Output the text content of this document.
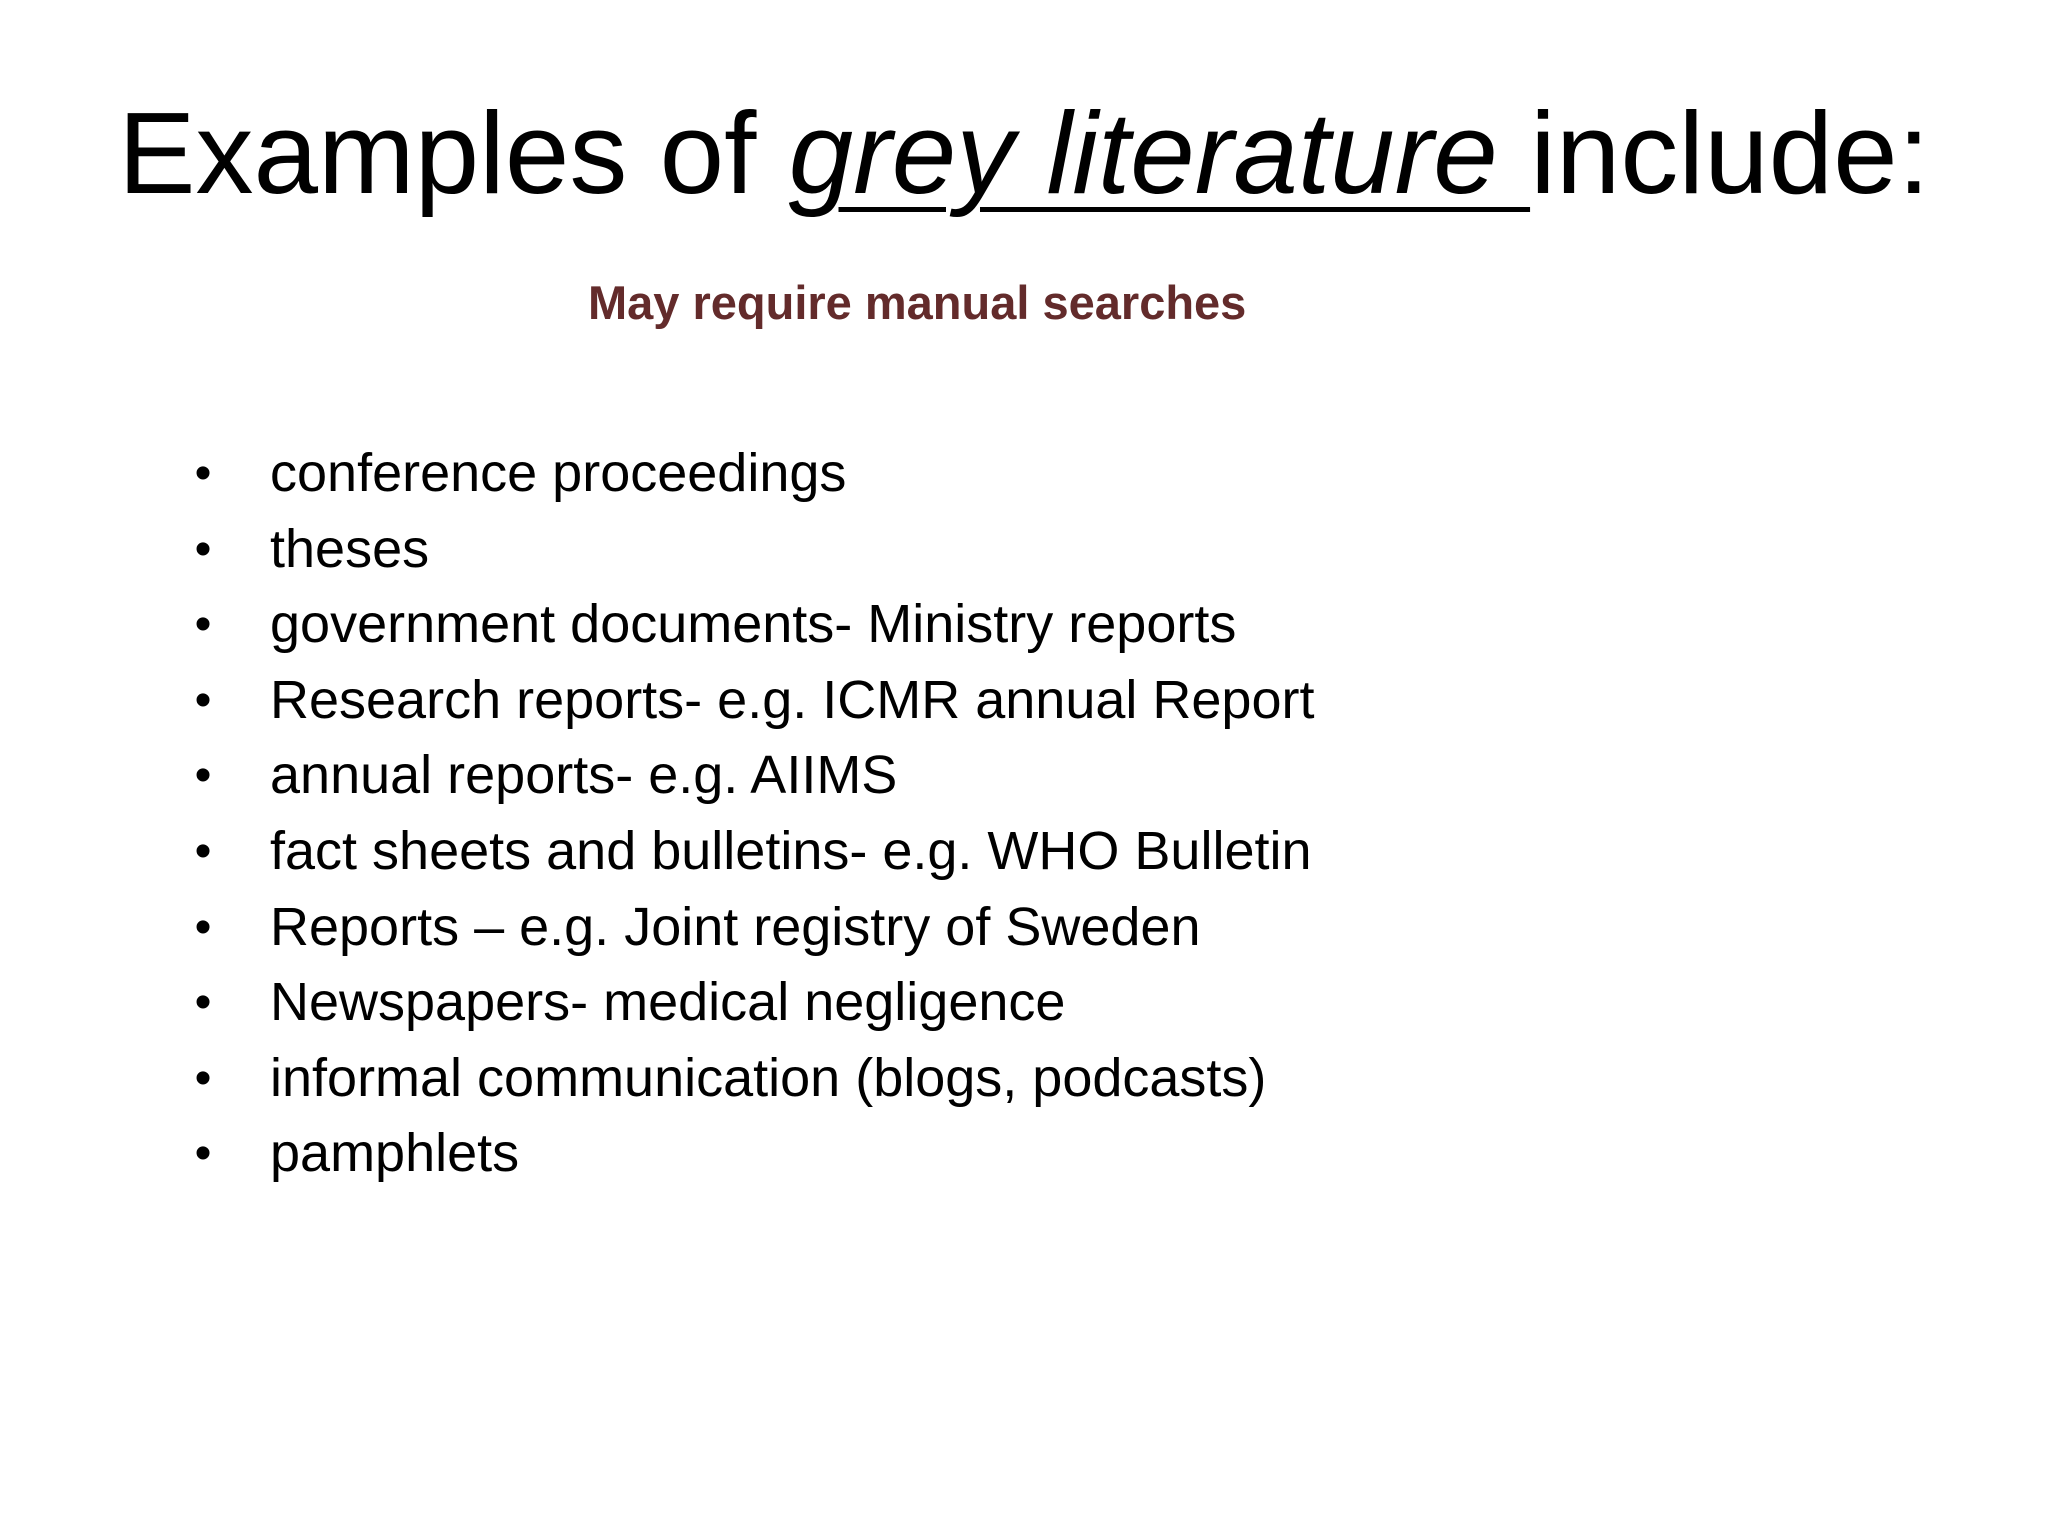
Examples of grey literature include:
May require manual searches
• conference proceedings
• theses
• government documents- Ministry reports
• Research reports- e.g. ICMR annual Report
• annual reports- e.g. AIIMS
• fact sheets and bulletins- e.g. WHO Bulletin
• Reports – e.g. Joint registry of Sweden
• Newspapers- medical negligence
• informal communication (blogs, podcasts)
• pamphlets
